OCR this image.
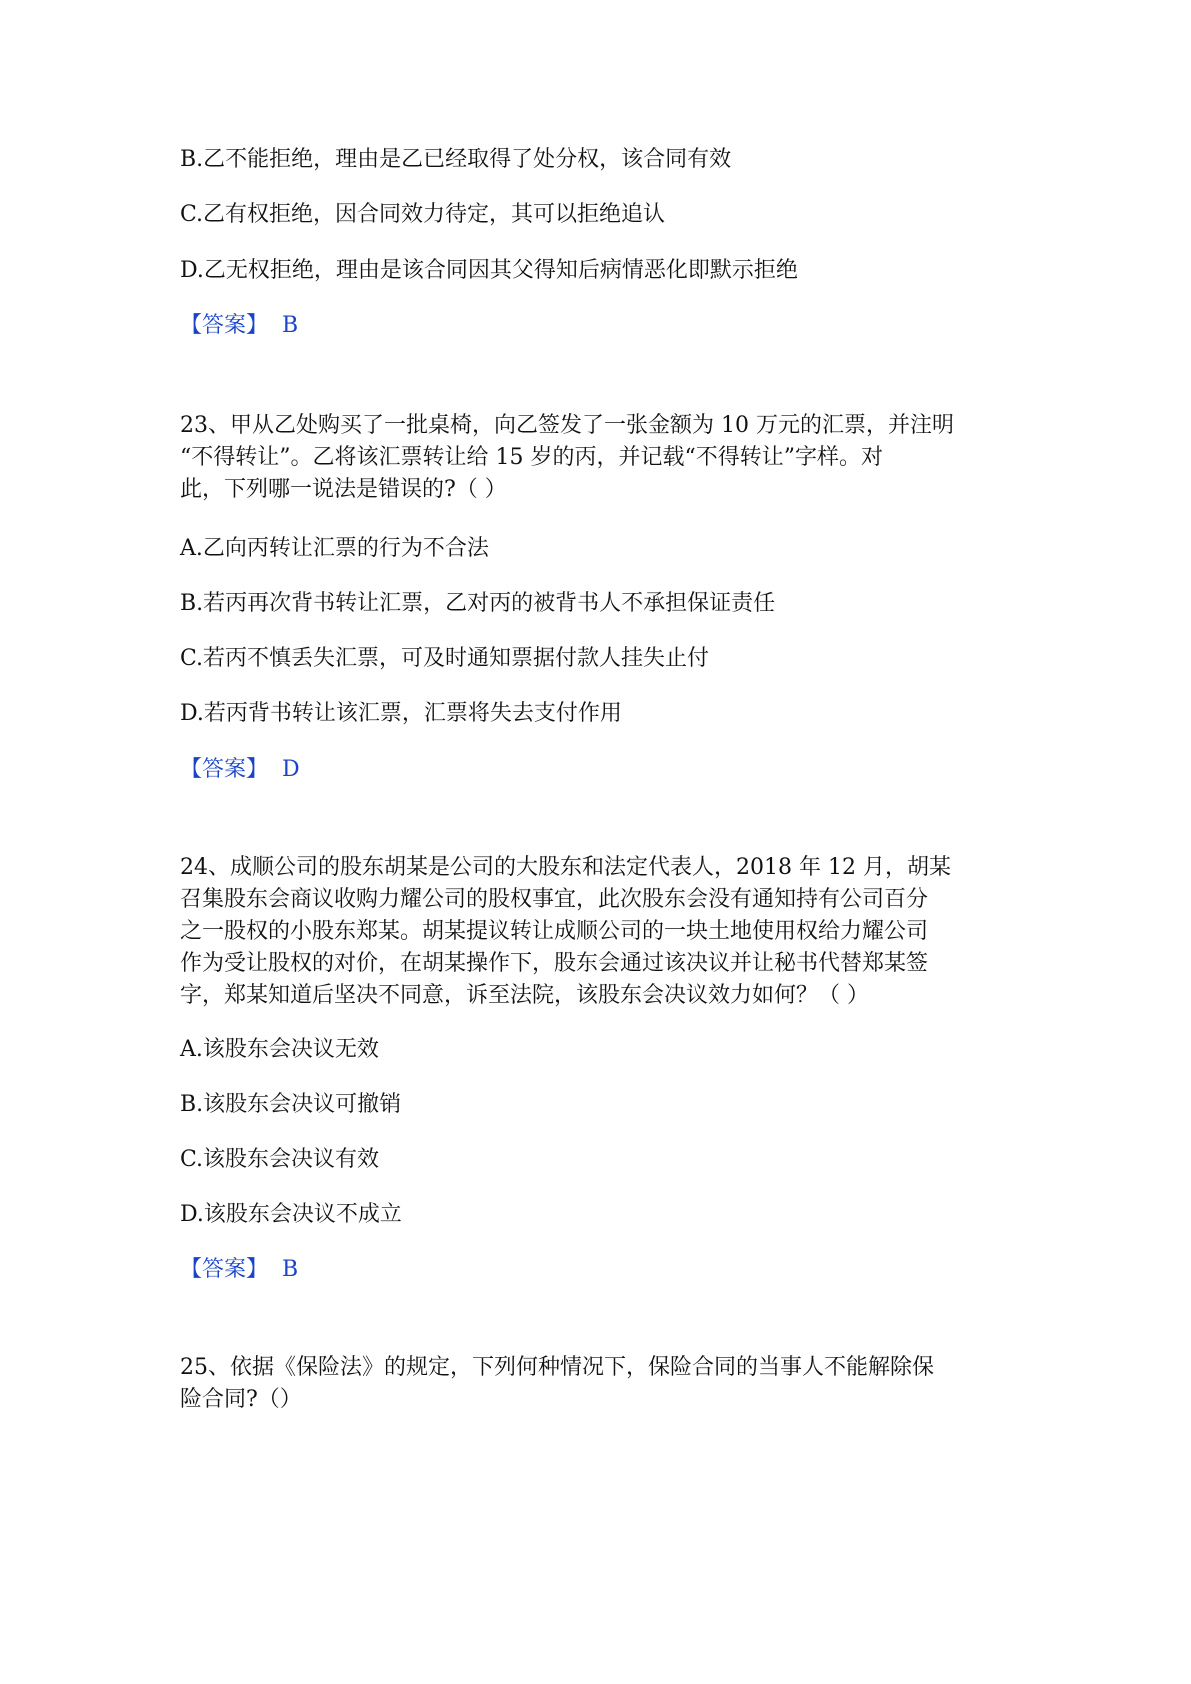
B.乙不能拒绝，理由是乙已经取得了处分权，该合同有效
C.乙有权拒绝，因合同效力待定，其可以拒绝追认
D.乙无权拒绝，理由是该合同因其父得知后病情恶化即默示拒绝
【答案】 B
23、甲从乙处购买了一批桌椅，向乙签发了一张金额为 10 万元的汇票，并注明
“不得转让”。乙将该汇票转让给 15 岁的丙，并记载“不得转让”字样。对
此，下列哪一说法是错误的?（ ）
A.乙向丙转让汇票的行为不合法
B.若丙再次背书转让汇票，乙对丙的被背书人不承担保证责任
C.若丙不慎丢失汇票，可及时通知票据付款人挂失止付
D.若丙背书转让该汇票，汇票将失去支付作用
【答案】 D
24、成顺公司的股东胡某是公司的大股东和法定代表人，2018 年 12 月，胡某
召集股东会商议收购力耀公司的股权事宜，此次股东会没有通知持有公司百分
之一股权的小股东郑某。胡某提议转让成顺公司的一块土地使用权给力耀公司
作为受让股权的对价，在胡某操作下，股东会通过该决议并让秘书代替郑某签
字，郑某知道后坚决不同意，诉至法院，该股东会决议效力如何？（ ）
A.该股东会决议无效
B.该股东会决议可撤销
C.该股东会决议有效
D.该股东会决议不成立
【答案】 B
25、依据《保险法》的规定，下列何种情况下，保险合同的当事人不能解除保
险合同?（）
